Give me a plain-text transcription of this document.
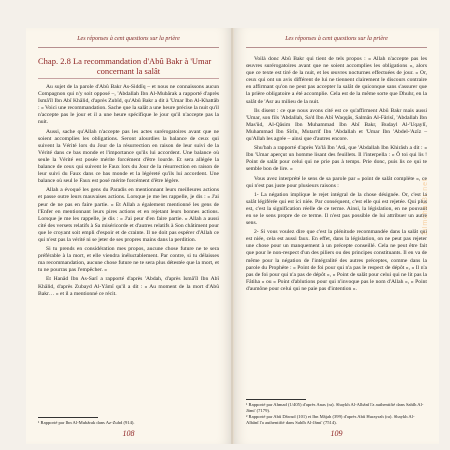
Les réponses à cent questions sur la prière
Chap. 2.8 La recommandation d'Abû Bakr à 'Umar
concernant la salât

Au sujet de la parole d'Abû Bakr As-Siddîq – et nous ne connaissons aucun Compagnon qui n'y soit opposé –, 'Abdallah Ibn Al-Mubârak a rapporté d'après Ismâ'îl Ibn Abî Khâlid, d'après Zubîd, qu'Abû Bakr a dit à 'Umar Ibn Al-Khattâb : « Voici une recommandation. Sache que la salât a une heure précise la nuit qu'il n'accepte pas le jour et il a une heure spécifique le jour qu'il n'accepte pas la nuit.

Aussi, sache qu'Allah n'accepte pas les actes surérogatoires avant que ne soient accomplies les obligations. Seront alourdies la balance de ceux qui suivent la Vérité lors du Jour de la résurrection en raison de leur suivi de la Vérité dans ce bas monde et l'importance qu'ils lui accordent. Une balance où seule la Vérité est posée mérite forcément d'être lourde. Et sera allégée la balance de ceux qui suivent le Faux lors du Jour de la résurrection en raison de leur suivi du Faux dans ce bas monde et la légèreté qu'ils lui accordent. Une balance où seul le Faux est posé mérite forcément d'être légère.

Allah a évoqué les gens du Paradis en mentionnant leurs meilleures actions et passe outre leurs mauvaises actions. Lorsque je me les rappelle, je dis : « J'ai peur de ne pas en faire partie. » Et Allah a également mentionné les gens de l'Enfer en mentionnant leurs pires actions et en rejetant leurs bonnes actions. Lorsque je me les rappelle, je dis : « J'ai peur d'en faire partie. » Allah a aussi cité des versets relatifs à Sa miséricorde et d'autres relatifs à Son châtiment pour que le croyant soit empli d'espoir et de crainte. Il ne doit pas espérer d'Allah ce qui n'est pas la vérité ni se jeter de ses propres mains dans la perdition.

Si tu prends en considération mes propos, aucune chose future ne te sera préférable à la mort, et elle viendra inéluctablement. Par contre, si tu délaisses ma recommandation, aucune chose future ne te sera plus détestée que la mort, et tu ne pourras pas l'empêcher. »

Et Hanâd Ibn As-Sarî a rapporté d'après 'Abdah, d'après Ismâ'îl Ibn Abî Khâlid, d'après Zubayd Al-Yâmî qu'il a dit : « Au moment de la mort d'Abû Bakr… » et il a mentionné ce récit.

¹ Rapporté par Ibn Al-Mubârak dans Az-Zuhd (914).

108
Les réponses à cent questions sur la prière

Voilà donc Abû Bakr qui tient de tels propos : « Allah n'accepte pas les œuvres surérogatoires avant que ne soient accomplies les obligations », alors que ce texte est tiré de la nuit, et les œuvres nocturnes effectuées de jour. » Or, ceux qui ont un avis différent de lui ne tiennent clairement le discours contraire en affirmant qu'on ne peut pas accepter la salât de quiconque sans s'assurer que la prière obligatoire a été accomplie. Cela est de la même sorte que Dhuhr, en la salât de 'Asr au milieu de la nuit.

Ils disent : ce que nous avons cité est ce qu'affirment Abû Bakr mais aussi 'Umar, son fils 'Abdallah, Sa'd Ibn Abî Waqqâs, Salmân Al-Fârisî, 'Abdallah Ibn Mas'ûd, Al-Qâsim Ibn Muhammad Ibn Abî Bakr, Budayl Al-'Uqaylî, Muhammad Ibn Sîrîn, Mutarrif Ibn 'Abdallah et 'Umar Ibn 'Abdel-'Azîz – qu'Allah les agrée – ainsi que d'autres encore.

Shu'bah a rapporté d'après Ya'lâ Ibn 'Atâ, que 'Abdallah Ibn Khirâsh a dit : « Ibn 'Umar aperçut un homme lisant des feuillets. Il l'interpella : « Ô toi qui lis ! Point de salât pour celui qui ne prie pas à temps. Prie donc, puis lis ce qui te semble bon de lire. »

Vous avez interprété le sens de sa parole par « point de salât complète », ce qui n'est pas juste pour plusieurs raisons :

1- La négation implique le rejet intégral de la chose désignée. Or, c'est la salât légiférée qui est ici niée. Par conséquent, c'est elle qui est rejetée. Qui plus est, c'est la signification réelle de ce terme. Ainsi, la législation, en ne pouvant en se le sens propre de ce terme. Il n'est pas possible de lui attribuer un autre sens.

2- Si vous voulez dire que c'est la plénitude recommandée dans la salât qui est niée, cela est aussi faux. En effet, dans la législation, on ne peut pas rejeter une chose pour un manquement à un précepte conseillé. Cela ne peut être fait que pour le non-respect d'un des piliers ou des principes constituants. Il en va de même pour la négation de l'intégralité des autres préceptes, comme dans la parole du Prophète : « Point de foi pour qui n'a pas le respect de dépôt », « Il n'a pas de foi pour qui n'a pas de dépôt », « Point de salât pour celui qui ne lit pas la Fâtiha » ou « Point d'ablutions pour qui n'invoque pas le nom d'Allah », « Point d'aumône pour celui qui ne paie pas d'intention ».

¹ Rapporté par Ahmad (1/405) d'après Anas (ra). Shaykh Al-Albânî l'a authentifié dans Sahîh Al-Jâmi' (7179).

² Rapporté par Abû Dâwud (101) et Ibn Mâjah (399) d'après Abû Hurayrah (ra). Shaykh Al-Albânî l'a authentifié dans Sahîh Al-Jâmi' (7514).

109
3ilmchar3i.net
